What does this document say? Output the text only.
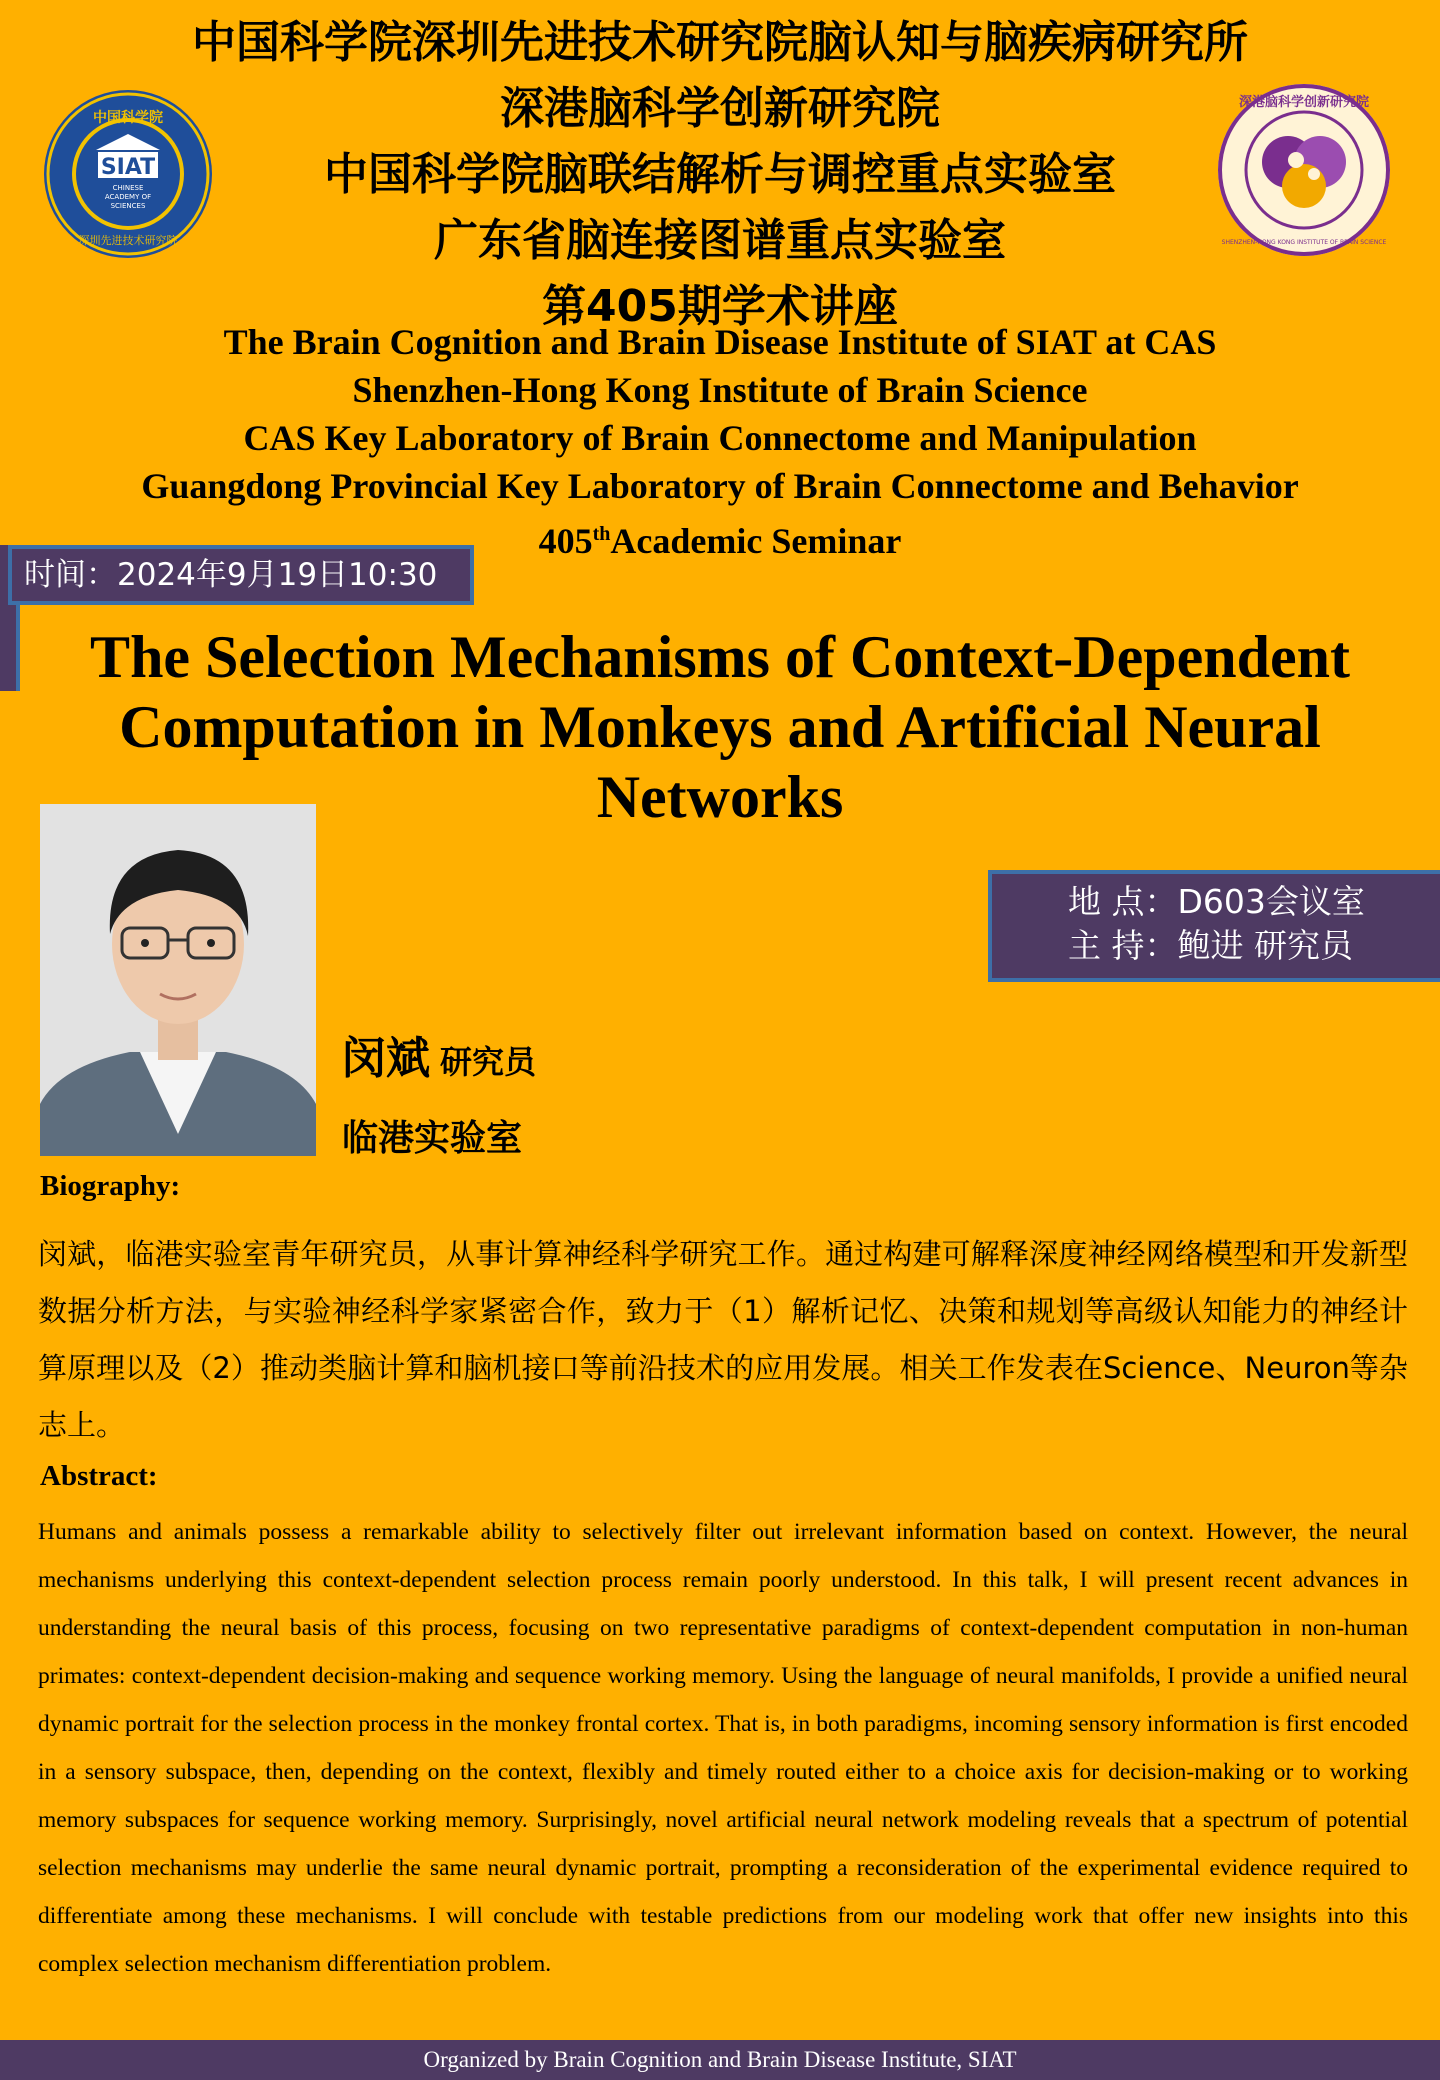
中国科学院深圳先进技术研究院脑认知与脑疾病研究所
深港脑科学创新研究院
中国科学院脑联结解析与调控重点实验室
广东省脑连接图谱重点实验室
第405期学术讲座
The Brain Cognition and Brain Disease Institute of SIAT at CAS
Shenzhen-Hong Kong Institute of Brain Science
CAS Key Laboratory of Brain Connectome and Manipulation
Guangdong Provincial Key Laboratory of Brain Connectome and Behavior
405thAcademic Seminar
中国科学院
SIAT
CHINESE
ACADEMY OF
SCIENCES
深圳先进技术研究院
深港脑科学创新研究院
SHENZHEN-HONG KONG INSTITUTE OF BRAIN SCIENCE
时间：2024年9月19日10:30
The Selection Mechanisms of Context-Dependent
Computation in Monkeys and Artificial Neural
Networks
地 点：D603会议室
主 持：鲍进 研究员
闵斌 研究员
临港实验室
Biography:
闵斌，临港实验室青年研究员，从事计算神经科学研究工作。通过构建可解释深度神经网络模型和开发新型数据分析方法，与实验神经科学家紧密合作，致力于（1）解析记忆、决策和规划等高级认知能力的神经计算原理以及（2）推动类脑计算和脑机接口等前沿技术的应用发展。相关工作发表在Science、Neuron等杂志上。
Abstract:
Humans and animals possess a remarkable ability to selectively filter out irrelevant information based on context. However, the neural mechanisms underlying this context-dependent selection process remain poorly understood. In this talk, I will present recent advances in understanding the neural basis of this process, focusing on two representative paradigms of context-dependent computation in non-human primates: context-dependent decision-making and sequence working memory. Using the language of neural manifolds, I provide a unified neural dynamic portrait for the selection process in the monkey frontal cortex. That is, in both paradigms, incoming sensory information is first encoded in a sensory subspace, then, depending on the context, flexibly and timely routed either to a choice axis for decision-making or to working memory subspaces for sequence working memory. Surprisingly, novel artificial neural network modeling reveals that a spectrum of potential selection mechanisms may underlie the same neural dynamic portrait, prompting a reconsideration of the experimental evidence required to differentiate among these mechanisms. I will conclude with testable predictions from our modeling work that offer new insights into this complex selection mechanism differentiation problem.
Organized by Brain Cognition and Brain Disease Institute, SIAT
